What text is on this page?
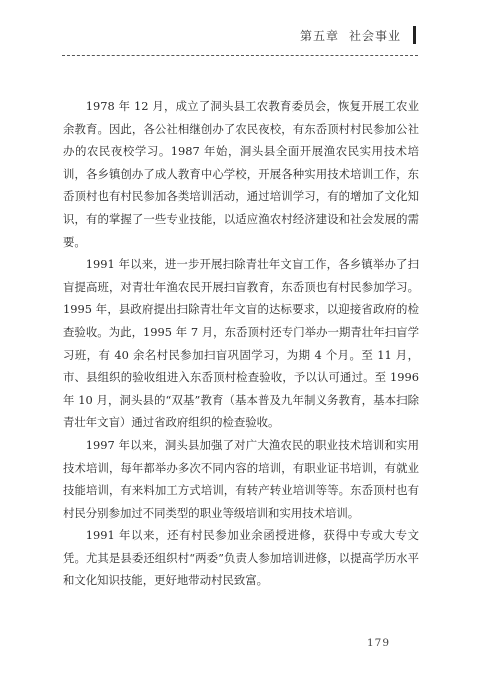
第五章 社会事业

1978 年 12 月，成立了洞头县工农教育委员会，恢复开展工农业余教育。因此，各公社相继创办了农民夜校，有东岙顶村村民参加公社办的农民夜校学习。1987 年始，洞头县全面开展渔农民实用技术培训，各乡镇创办了成人教育中心学校，开展各种实用技术培训工作，东岙顶村也有村民参加各类培训活动，通过培训学习，有的增加了文化知识，有的掌握了一些专业技能，以适应渔农村经济建设和社会发展的需要。

1991 年以来，进一步开展扫除青壮年文盲工作，各乡镇举办了扫盲提高班，对青壮年渔农民开展扫盲教育，东岙顶也有村民参加学习。1995 年，县政府提出扫除青壮年文盲的达标要求，以迎接省政府的检查验收。为此，1995 年 7 月，东岙顶村还专门举办一期青壮年扫盲学习班，有 40 余名村民参加扫盲巩固学习，为期 4 个月。至 11 月，市、县组织的验收组进入东岙顶村检查验收，予以认可通过。至 1996 年 10 月，洞头县的“双基”教育（基本普及九年制义务教育，基本扫除青壮年文盲）通过省政府组织的检查验收。

1997 年以来，洞头县加强了对广大渔农民的职业技术培训和实用技术培训，每年都举办多次不同内容的培训，有职业证书培训，有就业技能培训，有来料加工方式培训，有转产转业培训等等。东岙顶村也有村民分别参加过不同类型的职业等级培训和实用技术培训。

1991 年以来，还有村民参加业余函授进修，获得中专或大专文凭。尤其是县委还组织村“两委”负责人参加培训进修，以提高学历水平和文化知识技能，更好地带动村民致富。

179
